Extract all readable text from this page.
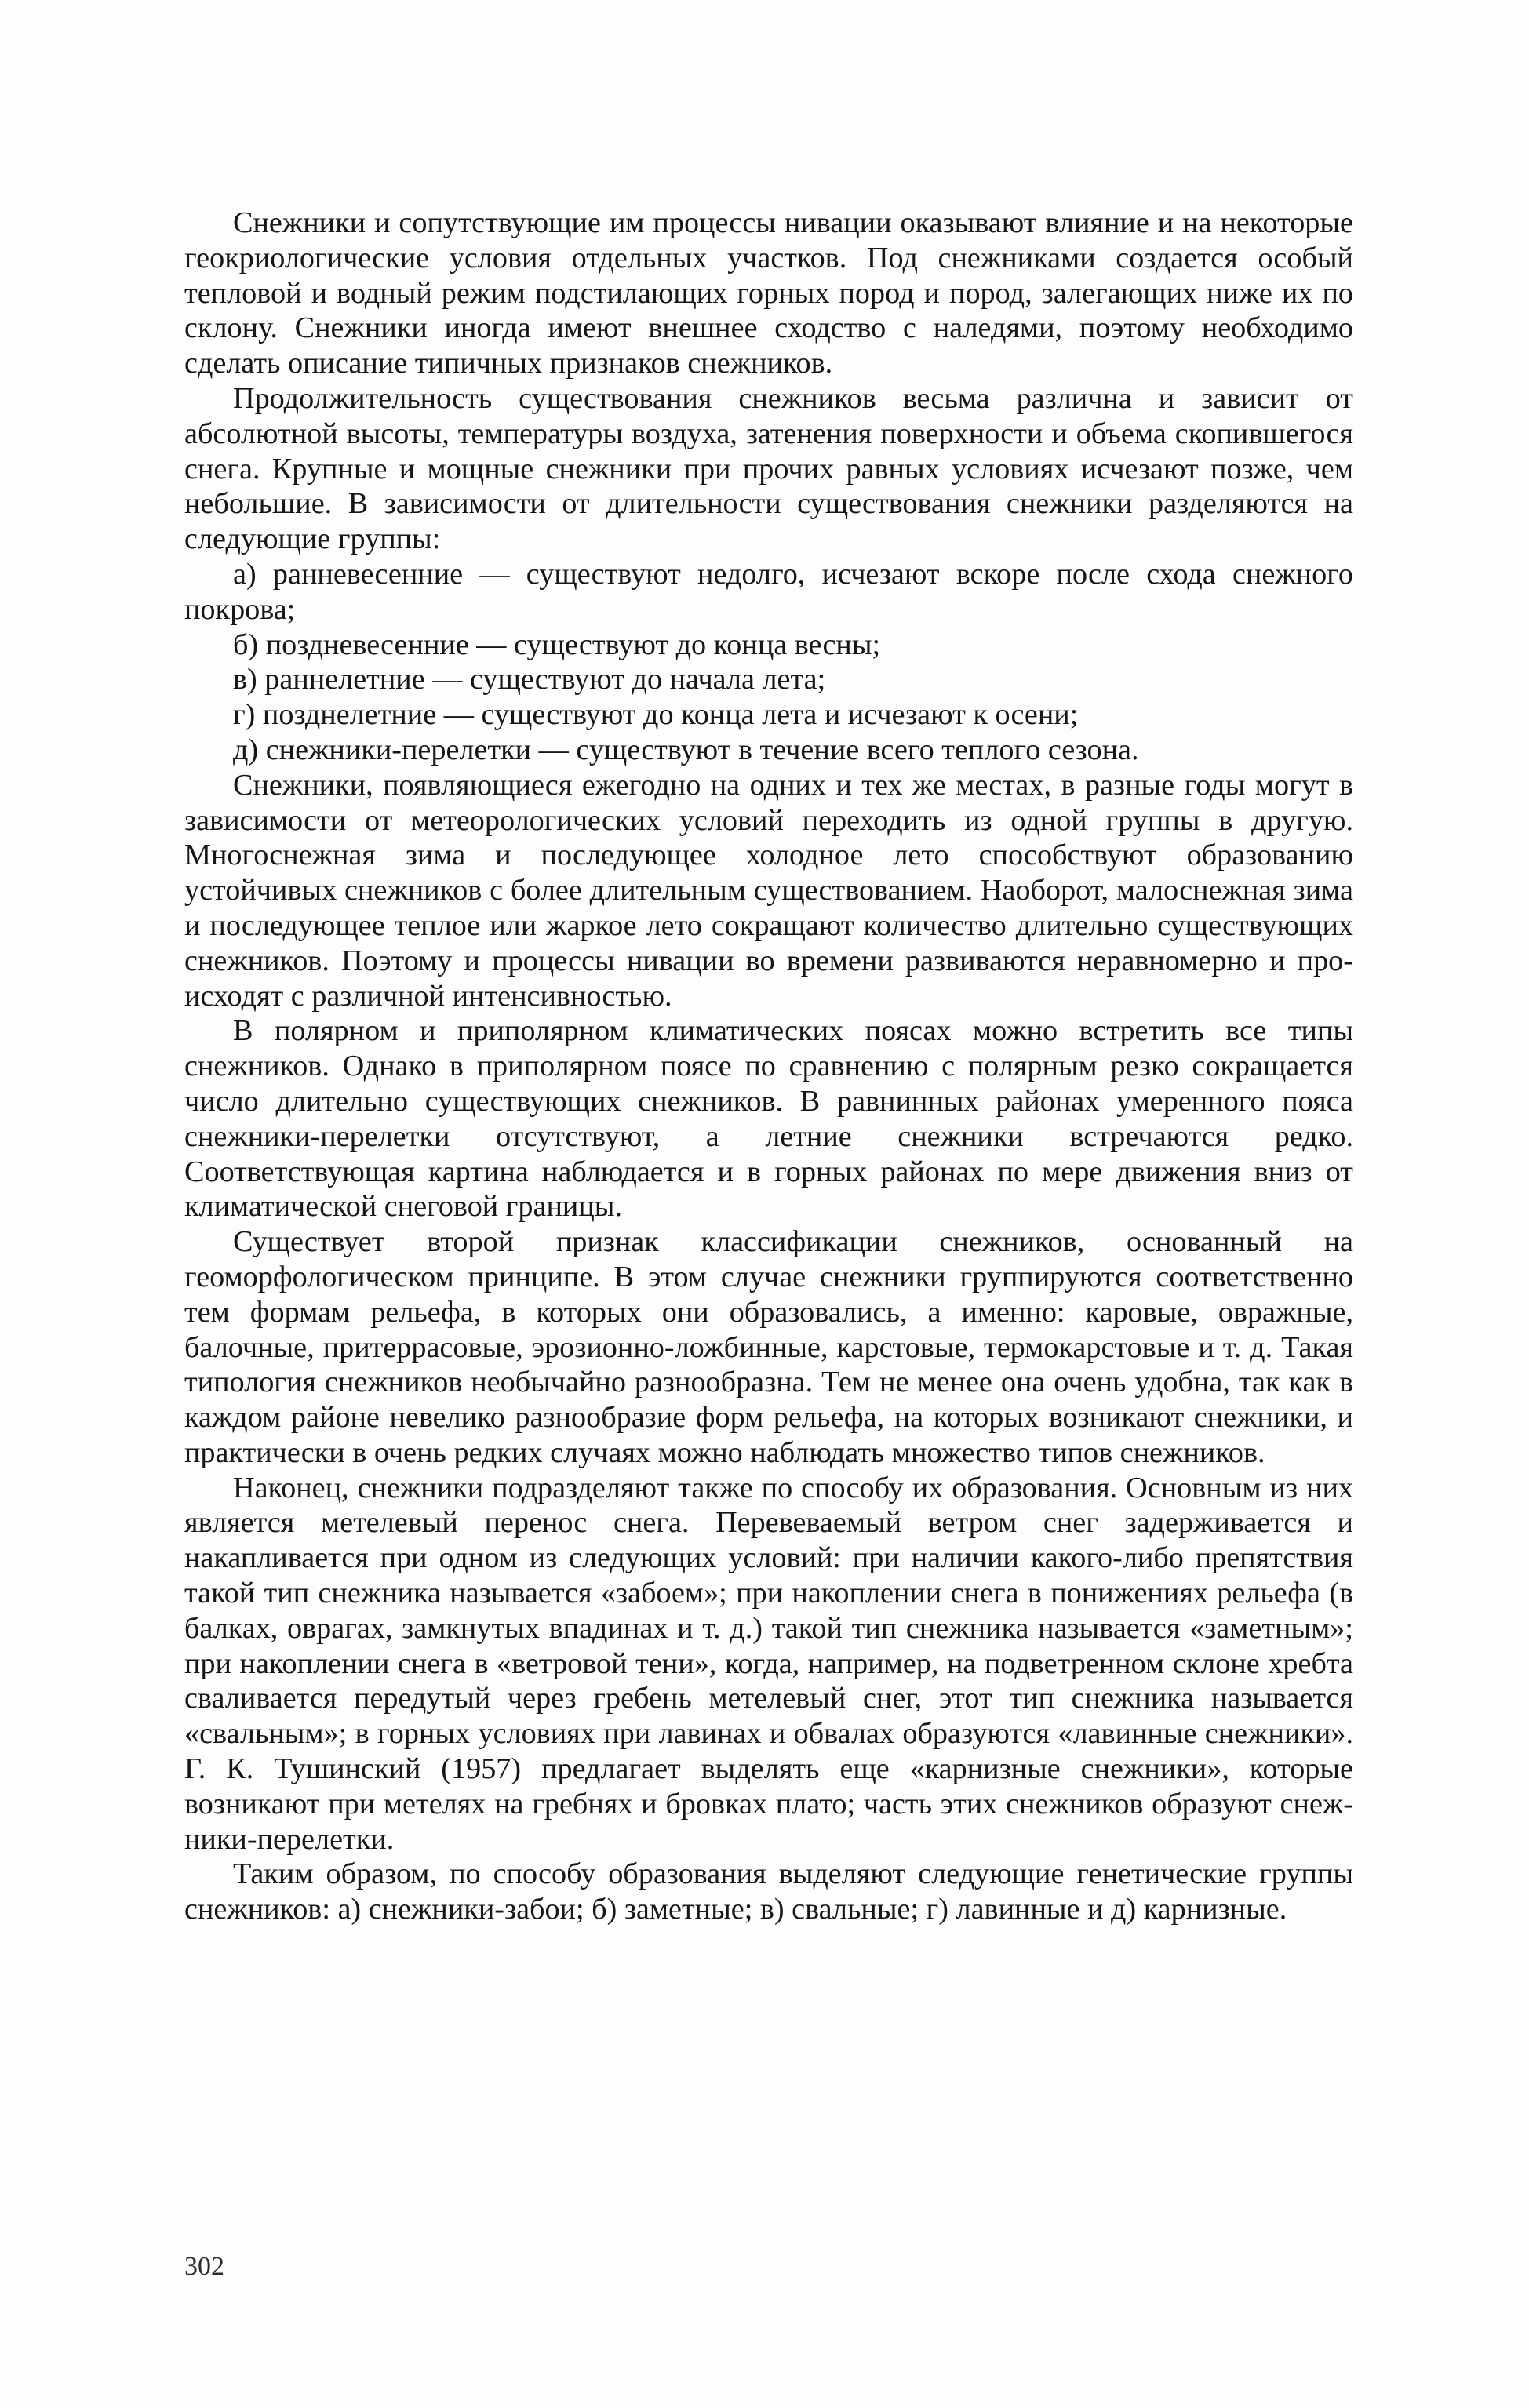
Снежники и сопутствующие им процессы нивации оказывают влияние и на некоторые геокриологические условия отдельных участков. Под снежниками создается особый тепловой и водный режим подстилающих горных пород и пород, залегающих ниже их по склону. Снежники иногда имеют внешнее сходство с наледями, поэтому необходимо сделать описание типичных признаков снежников.

Продолжительность существования снежников весьма различна и зависит от абсолютной высоты, температуры воздуха, затенения поверхности и объема скопившегося снега. Крупные и мощные снежники при прочих равных условиях исчезают позже, чем небольшие. В зависимости от длительности существования снежники разделяются на следующие группы:

а) ранневесенние — существуют недолго, исчезают вскоре после схода снежного покрова;

б) поздневесенние — существуют до конца весны;

в) раннелетние — существуют до начала лета;

г) позднелетние — существуют до конца лета и исчезают к осени;

д) снежники-перелетки — существуют в течение всего теплого сезона.

Снежники, появляющиеся ежегодно на одних и тех же местах, в разные годы могут в зависимости от метеорологических условий переходить из одной группы в другую. Многоснежная зима и последующее холодное лето способствуют образованию устойчивых снежников с более длительным существованием. Наоборот, малоснежная зима и последующее теплое или жаркое лето сокращают количество длительно существующих снежников. Поэтому и процессы нивации во времени развиваются неравномерно и происходят с различной интенсивностью.

В полярном и приполярном климатических поясах можно встретить все типы снежников. Однако в приполярном поясе по сравнению с полярным резко сокращается число длительно существующих снежников. В равнинных районах умеренного пояса снежники-перелетки отсутствуют, а летние снежники встречаются редко. Соответствующая картина наблюдается и в горных районах по мере движения вниз от климатической снеговой границы.

Существует второй признак классификации снежников, основанный на геоморфологическом принципе. В этом случае снежники группируются соответственно тем формам рельефа, в которых они образовались, а именно: каровые, овражные, балочные, притеррасовые, эрозионно-ложбинные, карстовые, термокарстовые и т. д. Такая типология снежников необычайно разнообразна. Тем не менее она очень удобна, так как в каждом районе невелико разнообразие форм рельефа, на которых возникают снежники, и практически в очень редких случаях можно наблюдать множество типов снежников.

Наконец, снежники подразделяют также по способу их образования. Основным из них является метелевый перенос снега. Перевеваемый ветром снег задерживается и накапливается при одном из следующих условий: при наличии какого-либо препятствия такой тип снежника называется «забоем»; при накоплении снега в понижениях рельефа (в балках, оврагах, замкнутых впадинах и т. д.) такой тип снежника называется «заметным»; при накоплении снега в «ветровой тени», когда, например, на подветренном склоне хребта сваливается передутый через гребень метелевый снег, этот тип снежника называется «свальным»; в горных условиях при лавинах и обвалах образуются «лавинные снежники». Г. К. Тушинский (1957) предлагает выделять еще «карнизные снежники», которые возникают при метелях на гребнях и бровках плато; часть этих снежников образуют снежники-перелетки.

Таким образом, по способу образования выделяют следующие генетические группы снежников: а) снежники-забои; б) заметные; в) свальные; г) лавинные и д) карнизные.

302
